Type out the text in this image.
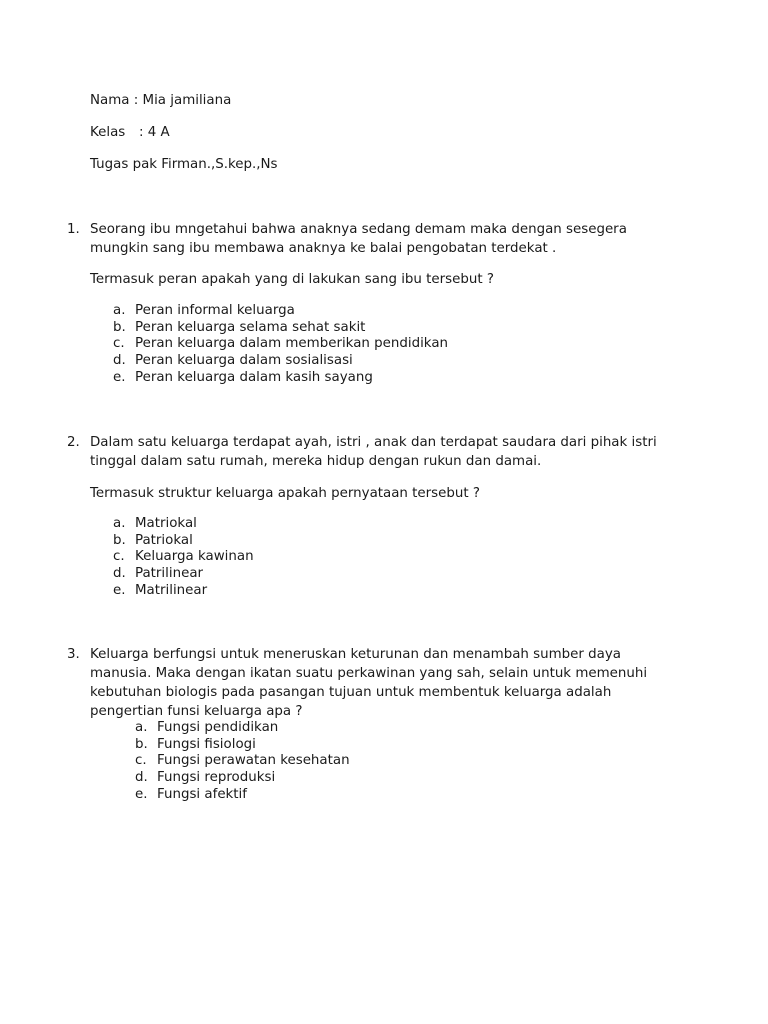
Nama : Mia jamiliana
Kelas : 4 A
Tugas pak Firman.,S.kep.,Ns
1. Seorang ibu mngetahui bahwa anaknya sedang demam maka dengan sesegera
mungkin sang ibu membawa anaknya ke balai pengobatan terdekat .
Termasuk peran apakah yang di lakukan sang ibu tersebut ?
a. Peran informal keluarga
b. Peran keluarga selama sehat sakit
c. Peran keluarga dalam memberikan pendidikan
d. Peran keluarga dalam sosialisasi
e. Peran keluarga dalam kasih sayang
2. Dalam satu keluarga terdapat ayah, istri , anak dan terdapat saudara dari pihak istri
tinggal dalam satu rumah, mereka hidup dengan rukun dan damai.
Termasuk struktur keluarga apakah pernyataan tersebut ?
a. Matriokal
b. Patriokal
c. Keluarga kawinan
d. Patrilinear
e. Matrilinear
3. Keluarga berfungsi untuk meneruskan keturunan dan menambah sumber daya
manusia. Maka dengan ikatan suatu perkawinan yang sah, selain untuk memenuhi
kebutuhan biologis pada pasangan tujuan untuk membentuk keluarga adalah
pengertian funsi keluarga apa ?
a. Fungsi pendidikan
b. Fungsi fisiologi
c. Fungsi perawatan kesehatan
d. Fungsi reproduksi
e. Fungsi afektif
